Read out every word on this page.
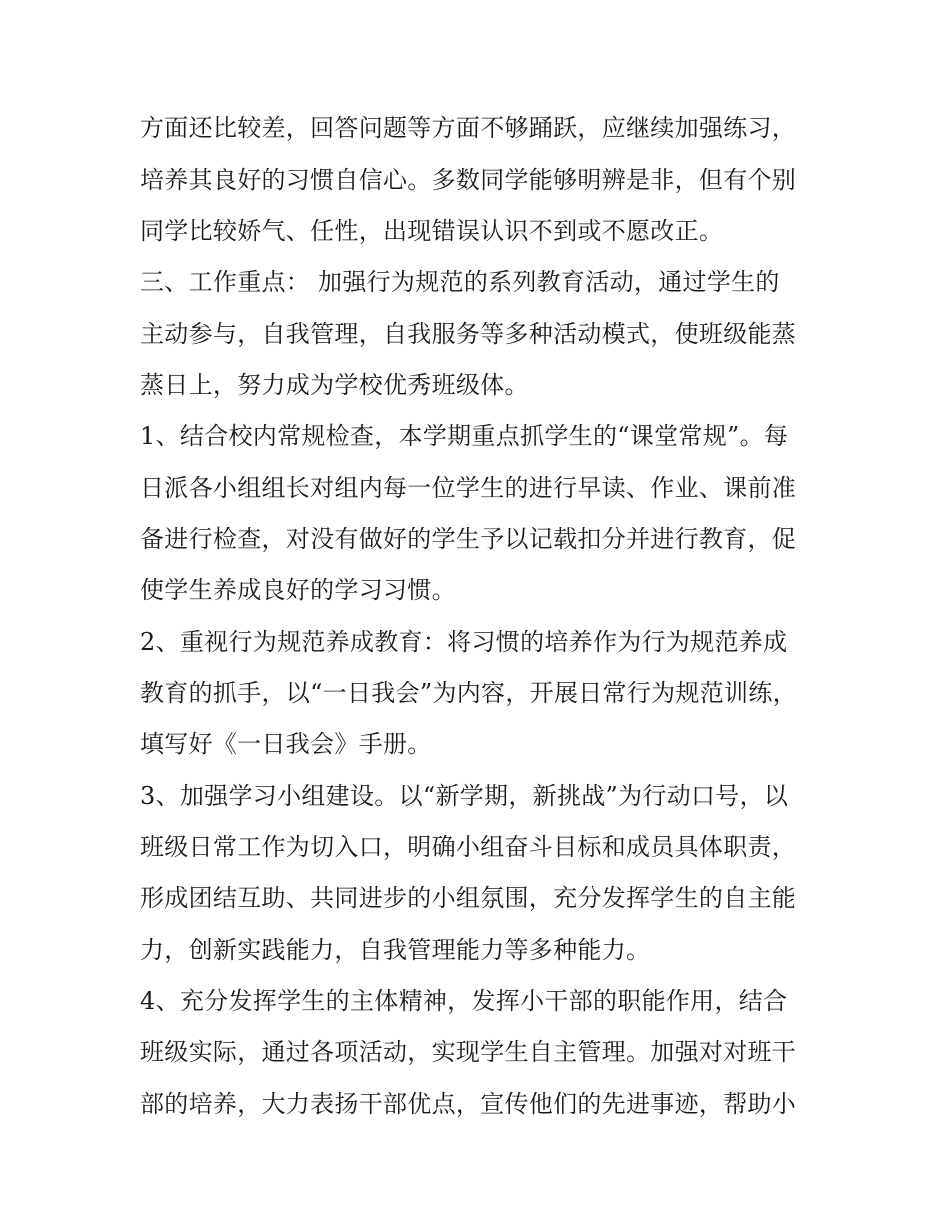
方面还比较差，回答问题等方面不够踊跃，应继续加强练习，
培养其良好的习惯自信心。多数同学能够明辨是非，但有个别
同学比较娇气、任性，出现错误认识不到或不愿改正。
三、工作重点： 加强行为规范的系列教育活动，通过学生的
主动参与，自我管理，自我服务等多种活动模式，使班级能蒸
蒸日上，努力成为学校优秀班级体。
1、结合校内常规检查，本学期重点抓学生的“课堂常规”。每
日派各小组组长对组内每一位学生的进行早读、作业、课前准
备进行检查，对没有做好的学生予以记载扣分并进行教育，促
使学生养成良好的学习习惯。
2、重视行为规范养成教育：将习惯的培养作为行为规范养成
教育的抓手，以“一日我会”为内容，开展日常行为规范训练，
填写好《一日我会》手册。
3、加强学习小组建设。以“新学期，新挑战”为行动口号，以
班级日常工作为切入口，明确小组奋斗目标和成员具体职责，
形成团结互助、共同进步的小组氛围，充分发挥学生的自主能
力，创新实践能力，自我管理能力等多种能力。
4、充分发挥学生的主体精神，发挥小干部的职能作用，结合
班级实际，通过各项活动，实现学生自主管理。加强对对班干
部的培养，大力表扬干部优点，宣传他们的先进事迹，帮助小
